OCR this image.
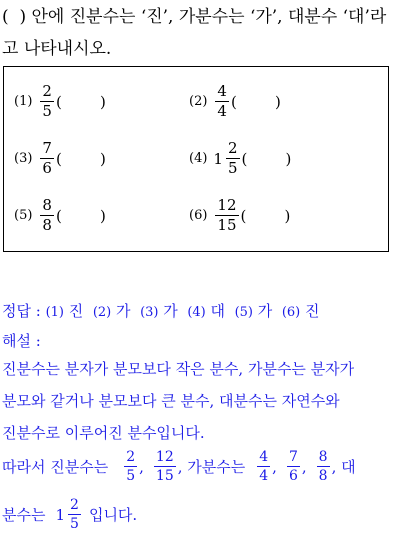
(  ) 안에 진분수는 ‘진’, 가분수는 ‘가’, 대분수 ‘대’라
고 나타내시오.
$(1) \frac{2}{5}$ (        )	$(2) \frac{4}{4}$ (        )
$(3) \frac{7}{6}$ (        )	(4) $1 \frac{2}{5}$ (        )
$(5) \frac{8}{8}$ (        )	$(6) \frac{12}{15}$ (        )
정답 : (1) 진 (2) 가 (3) 가 (4) 대 (5) 가 (6) 진
해설 :
진분수는 분자가 분모보다 작은 분수, 가분수는 분자가
분모와 같거나 분모보다 큰 분수, 대분수는 자연수와
진분수로 이루어진 분수입니다.
따라서 진분수는 $\frac{2}{5}$ , $\frac{12}{15}$ , 가분수는 $\frac{4}{4}$ , $\frac{7}{6}$ , $\frac{8}{8}$ , 대
분수는 $1 \frac{2}{5}$ 입니다.
